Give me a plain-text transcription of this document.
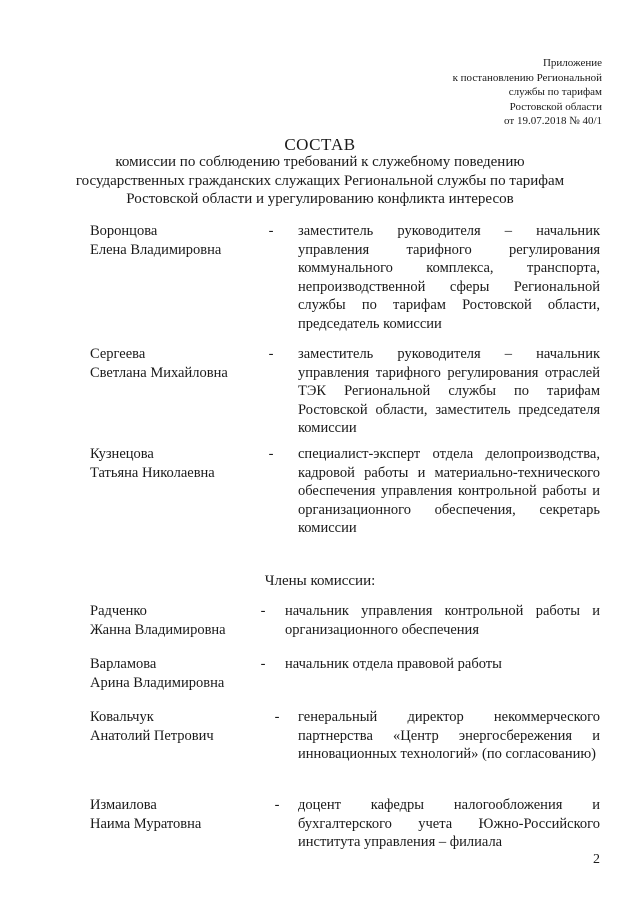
Приложение
к постановлению Региональной
службы по тарифам
Ростовской области
от 19.07.2018 № 40/1
СОСТАВ
комиссии по соблюдению требований к служебному поведению
государственных гражданских служащих Региональной службы по тарифам
Ростовской области и урегулированию конфликта интересов
Воронцова
Елена Владимировна
- заместитель руководителя – начальник управления тарифного регулирования коммунального комплекса, транспорта, непроизводственной сферы Региональной службы по тарифам Ростовской области, председатель комиссии
Сергеева
Светлана Михайловна
- заместитель руководителя – начальник управления тарифного регулирования отраслей ТЭК Региональной службы по тарифам Ростовской области, заместитель председателя комиссии
Кузнецова
Татьяна Николаевна
- специалист-эксперт отдела делопроизводства, кадровой работы и материально-технического обеспечения управления контрольной работы и организационного обеспечения, секретарь комиссии
Члены комиссии:
Радченко
Жанна Владимировна
- начальник управления контрольной работы и организационного обеспечения
Варламова
Арина Владимировна
- начальник отдела правовой работы
Ковальчук
Анатолий Петрович
- генеральный директор некоммерческого партнерства «Центр энергосбережения и инновационных технологий» (по согласованию)
Измаилова
Наима Муратовна
- доцент кафедры налогообложения и бухгалтерского учета Южно-Российского института управления – филиала
2
